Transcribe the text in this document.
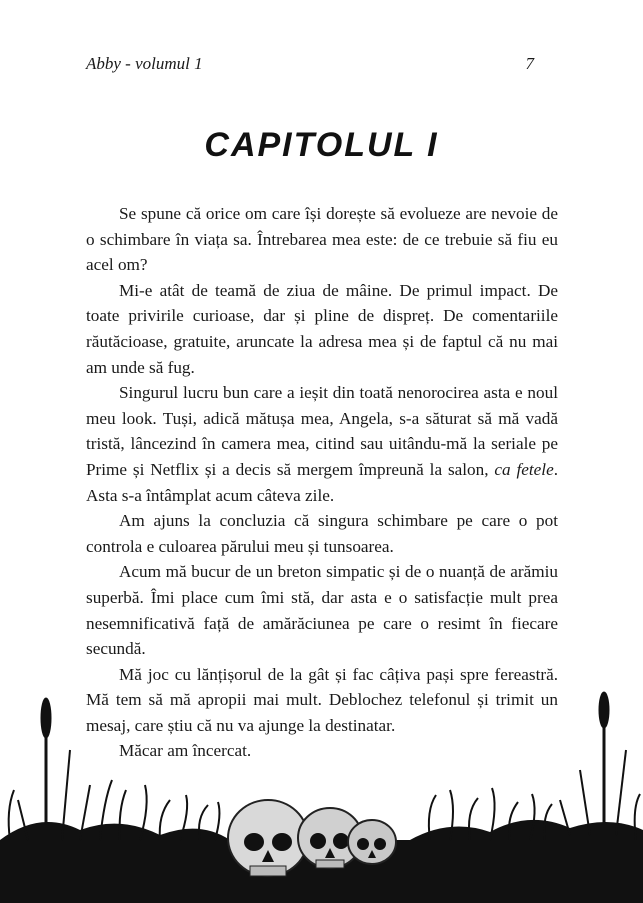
Abby - volumul 1	7
CAPITOLUL I

Se spune că orice om care își dorește să evolueze are nevoie de o schimbare în viața sa. Întrebarea mea este: de ce trebuie să fiu eu acel om?

Mi-e atât de teamă de ziua de mâine. De primul impact. De toate privirile curioase, dar și pline de dispreț. De comentariile răutăcioase, gratuite, aruncate la adresa mea și de faptul că nu mai am unde să fug.

Singurul lucru bun care a ieșit din toată nenorocirea asta e noul meu look. Tuși, adică mătușa mea, Angela, s-a săturat să mă vadă tristă, lâncezind în camera mea, citind sau uitându-mă la seriale pe Prime și Netflix și a decis să mergem împreună la salon, ca fetele. Asta s-a întâmplat acum câteva zile.

Am ajuns la concluzia că singura schimbare pe care o pot controla e culoarea părului meu și tunsoarea.

Acum mă bucur de un breton simpatic și de o nuanță de arămiu superbă. Îmi place cum îmi stă, dar asta e o satisfacție mult prea nesemnificativă față de amărăciunea pe care o resimt în fiecare secundă.

Mă joc cu lănțișorul de la gât și fac câțiva pași spre fereastră. Mă tem să mă apropii mai mult. Deblochez telefonul și trimit un mesaj, care știu că nu va ajunge la destinatar.

Măcar am încercat.
